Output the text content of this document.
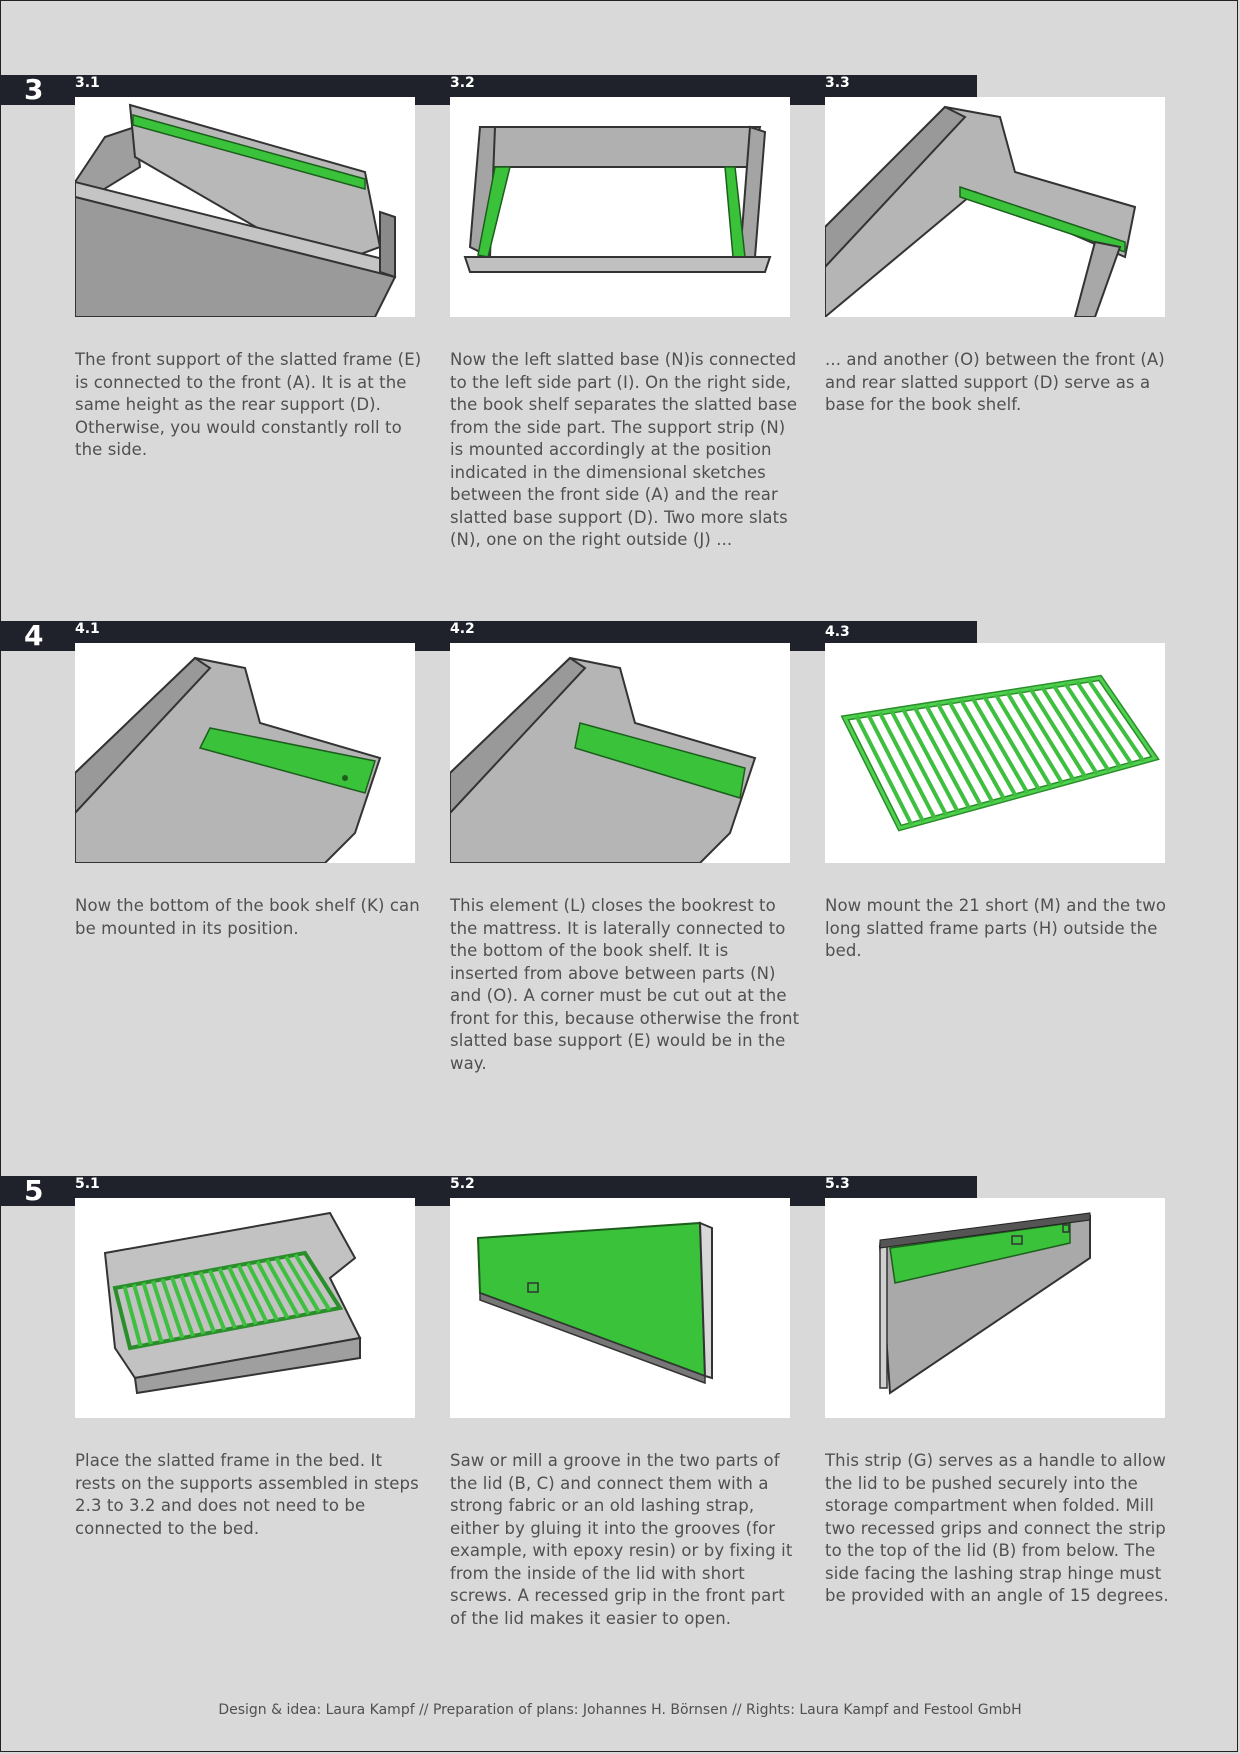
3 3.1	3.2	3.3
The front support of the slatted frame (E) is connected to the front (A). It is at the same height as the rear support (D). Otherwise, you would constantly roll to the side.
Now the left slatted base (N)is connected to the left side part (I). On the right side, the book shelf separates the slatted base from the side part. The support strip (N) is mounted accordingly at the position indicated in the dimensional sketches between the front side (A) and the rear slatted base support (D). Two more slats (N), one on the right outside (J) ...
... and another (O) between the front (A) and rear slatted support (D) serve as a base for the book shelf.
4 4.1	4.2	4.3
Now the bottom of the book shelf (K) can be mounted in its position.
This element (L) closes the bookrest to the mattress. It is laterally connected to the bottom of the book shelf. It is inserted from above between parts (N) and (O). A corner must be cut out at the front for this, because otherwise the front slatted base support (E) would be in the way.
Now mount the 21 short (M) and the two long slatted frame parts (H) outside the bed.
5 5.1	5.2	5.3
Place the slatted frame in the bed. It rests on the supports assembled in steps 2.3 to 3.2 and does not need to be connected to the bed.
Saw or mill a groove in the two parts of the lid (B, C) and connect them with a strong fabric or an old lashing strap, either by gluing it into the grooves (for example, with epoxy resin) or by fixing it from the inside of the lid with short screws. A recessed grip in the front part of the lid makes it easier to open.
This strip (G) serves as a handle to allow the lid to be pushed securely into the storage compartment when folded. Mill two recessed grips and connect the strip to the top of the lid (B) from below. The side facing the lashing strap hinge must be provided with an angle of 15 degrees.
Design & idea: Laura Kampf // Preparation of plans: Johannes H. Börnsen // Rights: Laura Kampf and Festool GmbH
